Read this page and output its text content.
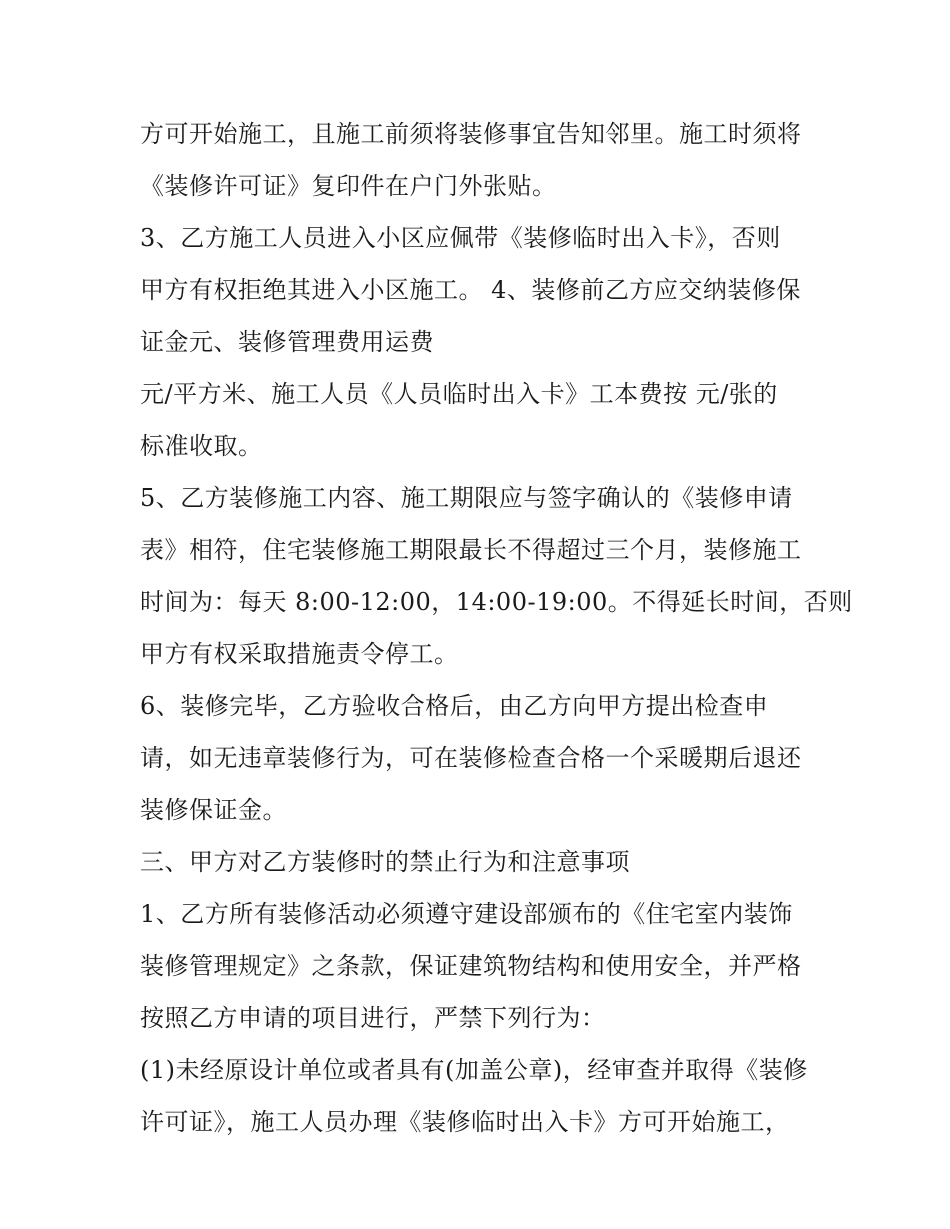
方可开始施工，且施工前须将装修事宜告知邻里。施工时须将
《装修许可证》复印件在户门外张贴。
3、乙方施工人员进入小区应佩带《装修临时出入卡》，否则
甲方有权拒绝其进入小区施工。 4、装修前乙方应交纳装修保
证金元、装修管理费用运费
元/平方米、施工人员《人员临时出入卡》工本费按 元/张的
标准收取。
5、乙方装修施工内容、施工期限应与签字确认的《装修申请
表》相符，住宅装修施工期限最长不得超过三个月，装修施工
时间为：每天 8:00-12:00，14:00-19:00。不得延长时间，否则
甲方有权采取措施责令停工。
6、装修完毕，乙方验收合格后，由乙方向甲方提出检查申
请，如无违章装修行为，可在装修检查合格一个采暖期后退还
装修保证金。
三、甲方对乙方装修时的禁止行为和注意事项
1、乙方所有装修活动必须遵守建设部颁布的《住宅室内装饰
装修管理规定》之条款，保证建筑物结构和使用安全，并严格
按照乙方申请的项目进行，严禁下列行为：
(1)未经原设计单位或者具有(加盖公章)，经审查并取得《装修
许可证》，施工人员办理《装修临时出入卡》方可开始施工，
